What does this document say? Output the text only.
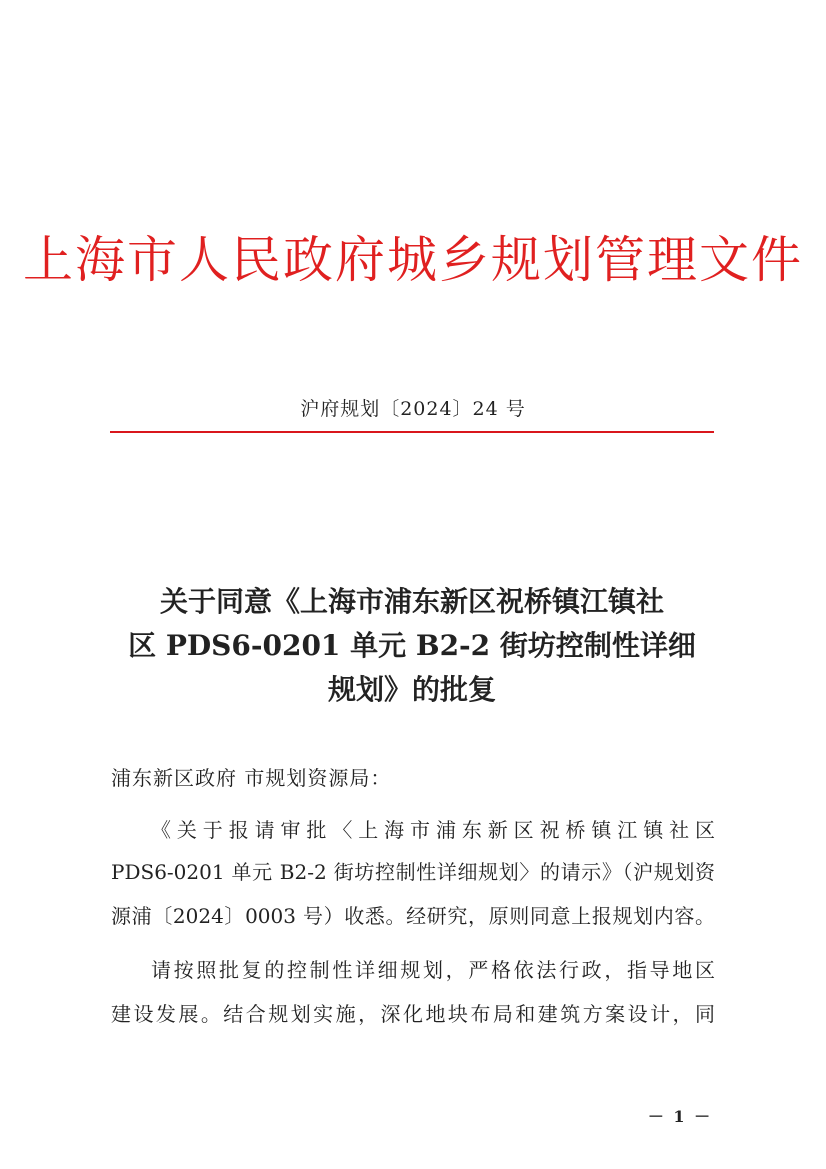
上海市人民政府城乡规划管理文件
沪府规划〔2024〕24 号
关于同意《上海市浦东新区祝桥镇江镇社
区 PDS6-0201 单元 B2-2 街坊控制性详细
规划》的批复
浦东新区政府 市规划资源局：
《关于报请审批〈上海市浦东新区祝桥镇江镇社区
PDS6-0201 单元 B2-2 街坊控制性详细规划〉的请示》（沪规划资
源浦〔2024〕0003 号）收悉。经研究，原则同意上报规划内容。
请按照批复的控制性详细规划，严格依法行政，指导地区
建设发展。结合规划实施，深化地块布局和建筑方案设计，同
－ 1 －
